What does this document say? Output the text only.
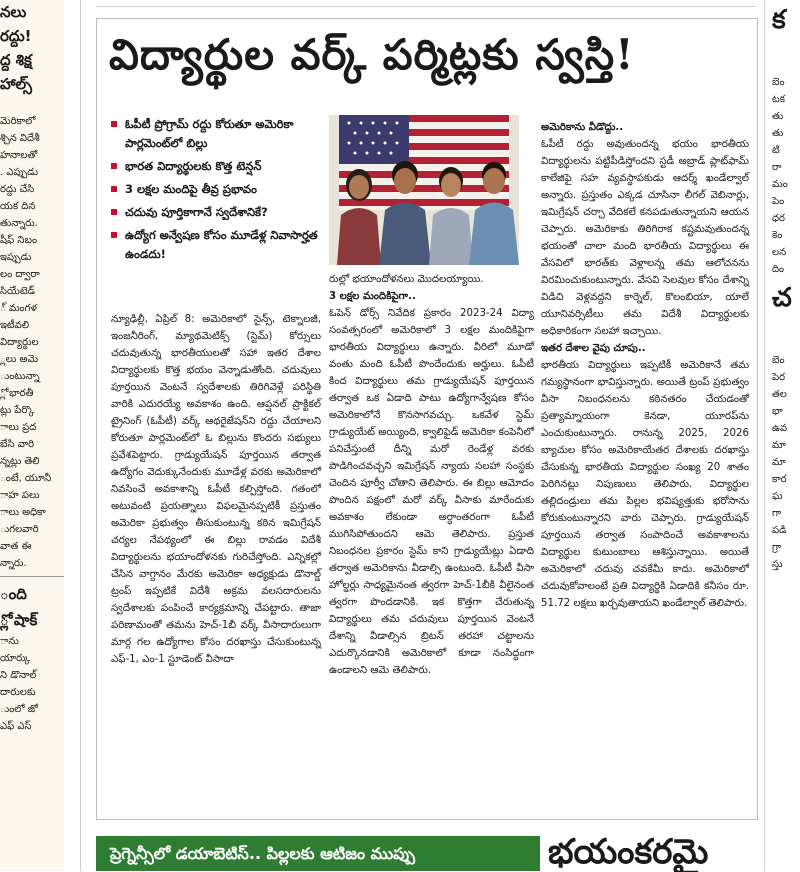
నలు
రద్దు!
ద్ద శిక్ష
హాల్స్

మెరికాలో
శ్చిన విదేశీ
హనాలతో
. ఎప్పుడు
రద్దు చేసి
యక దిన
తున్నారు.
షీఫ్ నిబం
ఇప్పుడు
లం ద్వారా
సియేటెడ్
్ మంగళ
ఇటీవలి
విద్యార్థుల
్లలు అమె
ుంటున్నా
్లో భారతీ
ట్లు పేర్కొ
ాలు ప్రద
బేసి వారి
న్నట్లు తెలి
ంటే, యూనీ
ాహ పలు
ాలు అధికా
ుగలవారి
వాత ఈ
న్నారు.
ంది
్లో షాక్
ాను
యార్కు
ని డొనాల్
దారులకు
ుంలో జో
ఎఫ్ ఎస్
విద్యార్థుల వర్క్ పర్మిట్లకు స్వస్తి!
ఓపీటీ ప్రోగ్రామ్ రద్దు కోరుతూ అమెరికా పార్లమెంట్‌లో బిల్లు
భారత విద్యార్థులకు కొత్త టెన్షన్
3 లక్షల మందిపై తీవ్ర ప్రభావం
చదువు పూర్తికాగానే స్వదేశానికే?
ఉద్యోగ అన్వేషణ కోసం మూడేళ్ల నివాసార్హత ఉండదు!

న్యూఢిల్లీ, ఏప్రిల్ 8: అమెరికాలో సైన్స్, టెక్నాలజీ, ఇంజనీరింగ్, మ్యాథమెటిక్స్ (స్టెమ్) కోర్సులు చదువుతున్న భారతీయులతో సహా ఇతర దేశాల విద్యార్థులకు కొత్త భయం వెన్నాడుతోంది. చదువులు పూర్తయిన వెంటనే స్వదేశాలకు తిరిగివెళ్లే పరిస్థితి వారికి ఎదురయ్యే అవకాశం ఉంది. ఆప్షనల్ ప్రాక్టికల్ ట్రైనింగ్ (ఓపీటీ) వర్క్ ఆథరైజేషన్‌ని రద్దు చేయాలని కోరుతూ పార్లమెంట్‌లో ఓ బిల్లును కొందరు సభ్యులు ప్రవేశపెట్టారు. గ్రాడ్యుయేషన్ పూర్తయిన తర్వాత ఉద్యోగం వెదుక్కునేందుకు మూడేళ్ల వరకు అమెరికాలో నివసించే అవకాశాన్ని ఓపీటీ కల్పిస్తోంది. గతంలో అటువంటి ప్రయత్నాలు విఫలమైనప్పటికీ ప్రస్తుతం అమెరికా ప్రభుత్వం తీసుకుంటున్న కఠిన ఇమిగ్రేషన్ చర్యల నేపథ్యంలో ఈ బిల్లు రావడం విదేశీ విద్యార్థులను భయాందోళనకు గురిచేస్తోంది. ఎన్నికల్లో చేసిన వాగ్దానం మేరకు అమెరికా అధ్యక్షుడు డొనాల్డ్ ట్రంప్ ఇప్పటికే విదేశీ అక్రమ వలసదారులను స్వదేశాలకు పంపించే కార్యక్రమాన్ని చేపట్టారు. తాజా పరిణామంతో తమను హెచ్-1బీ వర్క్ వీసాదారులుగా మార్గ గల ఉద్యోగాల కోసం దరఖాస్తు చేసుకుంటున్న ఎఫ్-1, ఎం-1 స్టూడెంట్ వీసాదా

రుల్లో భయాందోళనలు మొదలయ్యాయి.

3 లక్షల మందికిపైగా..

ఓపెన్ డోర్స్ నివేదిక ప్రకారం 2023-24 విద్యా సంవత్సరంలో అమెరికాలో 3 లక్షల మందికిపైగా భారతీయ విద్యార్థులు ఉన్నారు. వీరిలో మూడో వంతు మంది ఓపీటీ పొందేందుకు అర్హులు. ఓపీటీ కింద విద్యార్థులు తమ గ్రాడ్యుయేషన్ పూర్తయిన తర్వాత ఒక ఏడాది పాటు ఉద్యోగాన్వేషణ కోసం అమెరికాలోనే కొనసాగవచ్చు. ఒకవేళ స్టెమ్ గ్రాడ్యుయేట్ అయ్యింది, క్వాలిఫైడ్ అమెరికా కంపెనీలో పనిచేస్తుంటే దీన్ని మరో రెండేళ్ల వరకు పొడిగించవచ్చని ఇమిగ్రేషన్ న్యాయ సలహా సంస్థకు చెందిన పూర్వీ చోతాని తెలిపారు. ఈ బిల్లు ఆమోదం పొందిన పక్షంలో మరో వర్క్ వీసాకు మారేందుకు అవకాశం లేకుండా అర్ధాంతరంగా ఓపీటీ ముగిసిపోతుందని ఆమె తెలిపారు. ప్రస్తుత నిబంధనల ప్రకారం స్టెమ్ కాని గ్రాడ్యుయేట్లు ఏడాది తర్వాత అమెరికాను వీడాల్సి ఉంటుంది. ఓపీటీ వీసా హోల్డర్లు సాధ్యమైనంత త్వరగా హెచ్-1బీకి వీలైనంత త్వరగా పొందడానికి. ఇక కొత్తగా చేరుతున్న విద్యార్థులు తమ చదువులు పూర్తయిన వెంటనే దేశాన్ని వీడాల్సిన బ్రిటన్ తరహా చట్టాలను ఎదుర్కొనడానికి అమెరికాలో కూడా నంసిద్ధంగా ఉండాలని ఆమె తెలిపారు.

అమెరికాను వీడొద్దు..

ఓపీటీ రద్దు అవుతుందన్న భయం భారతీయ విద్యార్థులను పట్టిపీడిస్తోందని స్టడీ అబ్రాడ్ ప్లాట్‌ఫామ్ కాలేజిఫై సహ వ్యవస్థాపకుడు ఆదర్శ్ ఖండేల్వాల్ అన్నారు. ప్రస్తుతం ఎక్కడ చూసినా లీగల్ వెబినార్లు, ఇమిగ్రేషన్ చర్చా వేదికలే కనపడుతున్నాయని ఆయన చెప్పారు. అమెరికాకు తిరిగిరాక కష్టమవుతుందన్న భయంతో చాలా మంది భారతీయ విద్యార్థులు ఈ వేసవిలో భారత్‌కు వెళ్లాలన్న తమ ఆలోచనను విరమించుకుంటున్నారు. వేసవి సెలవుల కోసం దేశాన్ని విడిచి వెళ్లవద్దని కార్నెల్, కొలంబియా, యాలే యూనివర్సిటీలు తమ విదేశీ విద్యార్థులకు అధికారికంగా సలహా ఇచ్చాయి.

ఇతర దేశాల వైపు చూపు..

భారతీయ విద్యార్థులు ఇప్పటికీ అమెరికానే తమ గమ్యస్థానంగా భావిస్తున్నారు. అయితే ట్రంప్ ప్రభుత్వం వీసా నిబంధనలను కఠినతరం చేయడంతో ప్రత్యామ్నాయంగా కెనడా, యూరప్‌ను ఎంచుకుంటున్నారు. రానున్న 2025, 2026 బ్యాచుల కోసం అమెరికాయేతర దేశాలకు దరఖాస్తు చేసుకున్న భారతీయ విద్యార్థుల సంఖ్య 20 శాతం పెరిగినట్లు నిపుణులు తెలిపారు. విద్యార్థుల తల్లిదండ్రులు తమ పిల్లల భవిష్యత్తుకు భరోసాను కోరుకుంటున్నారని వారు చెప్పారు. గ్రాడ్యుయేషన్ పూర్తయిన తర్వాత సంపాదించే అవకాశాలను విద్యార్థుల కుటుంబాలు ఆశిస్తున్నాయి. అయితే అమెరికాలో చదువు చవకేమీ కాదు. అమెరికాలో చదువుకోవాలంటే ప్రతి విద్యార్థికి ఏడాదికి కనీసం రూ. 51.72 లక్షలు ఖర్చవుతాయని ఖండేల్వాల్ తెలిపారు.

క

బెం
టక
తు
తు
టి
రా
మం
పెం
ధర
కెం
లన
దిం
చ

బెం
పెర
తల
భా
ఉవ
మా
మా
కార
ఘ
గా
పడి
గ్రా
స్తు
ప్రెగ్నెన్సీలో డయాబెటిస్.. పిల్లలకు ఆటిజం ముప్పు	భయంకరమై
